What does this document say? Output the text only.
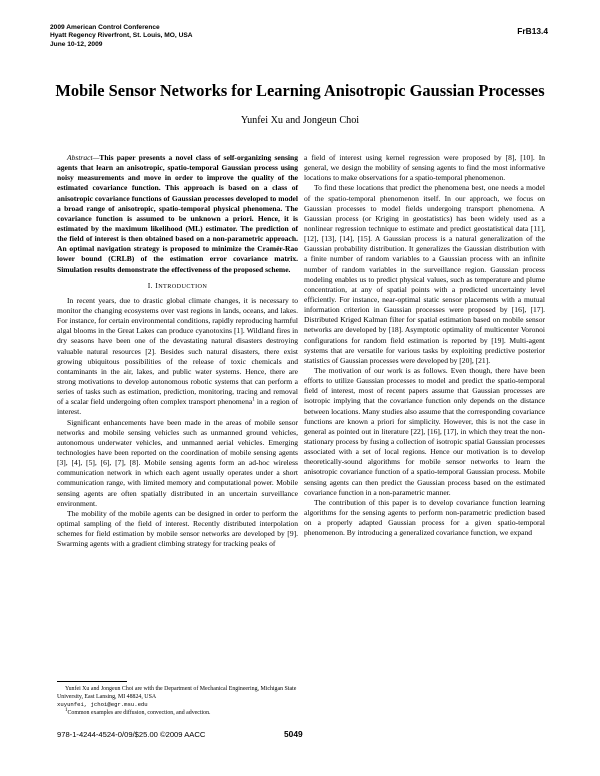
2009 American Control Conference
Hyatt Regency Riverfront, St. Louis, MO, USA
June 10-12, 2009
FrB13.4
Mobile Sensor Networks for Learning Anisotropic Gaussian Processes
Yunfei Xu and Jongeun Choi

Abstract—This paper presents a novel class of self-organizing sensing agents that learn an anisotropic, spatio-temporal Gaussian process using noisy measurements and move in order to improve the quality of the estimated covariance function. This approach is based on a class of anisotropic covariance functions of Gaussian processes developed to model a broad range of anisotropic, spatio-temporal physical phenomena. The covariance function is assumed to be unknown a priori. Hence, it is estimated by the maximum likelihood (ML) estimator. The prediction of the field of interest is then obtained based on a non-parametric approach. An optimal navigation strategy is proposed to minimize the Cramér-Rao lower bound (CRLB) of the estimation error covariance matrix. Simulation results demonstrate the effectiveness of the proposed scheme.

I. INTRODUCTION

In recent years, due to drastic global climate changes, it is necessary to monitor the changing ecosystems over vast regions in lands, oceans, and lakes. For instance, for certain environmental conditions, rapidly reproducing harmful algal blooms in the Great Lakes can produce cyanotoxins [1]. Wildland fires in dry seasons have been one of the devastating natural disasters destroying valuable natural resources [2]. Besides such natural disasters, there exist growing ubiquitous possibilities of the release of toxic chemicals and contaminants in the air, lakes, and public water systems. Hence, there are strong motivations to develop autonomous robotic systems that can perform a series of tasks such as estimation, prediction, monitoring, tracing and removal of a scalar field undergoing often complex transport phenomena$^1$ in a region of interest.

Significant enhancements have been made in the areas of mobile sensor networks and mobile sensing vehicles such as unmanned ground vehicles, autonomous underwater vehicles, and unmanned aerial vehicles. Emerging technologies have been reported on the coordination of mobile sensing agents [3], [4], [5], [6], [7], [8]. Mobile sensing agents form an ad-hoc wireless communication network in which each agent usually operates under a short communication range, with limited memory and computational power. Mobile sensing agents are often spatially distributed in an uncertain surveillance environment.

The mobility of the mobile agents can be designed in order to perform the optimal sampling of the field of interest. Recently distributed interpolation schemes for field estimation by mobile sensor networks are developed by [9]. Swarming agents with a gradient climbing strategy for tracking peaks of

Yunfei Xu and Jongeun Choi are with the Department of Mechanical Engineering, Michigan State University, East Lansing, MI 48824, USA

xuyunfei, jchoi@egr.msu.edu

$^1$Common examples are diffusion, convection, and advection.

a field of interest using kernel regression were proposed by [8], [10]. In general, we design the mobility of sensing agents to find the most informative locations to make observations for a spatio-temporal phenomenon.

To find these locations that predict the phenomena best, one needs a model of the spatio-temporal phenomenon itself. In our approach, we focus on Gaussian processes to model fields undergoing transport phenomena. A Gaussian process (or Kriging in geostatistics) has been widely used as a nonlinear regression technique to estimate and predict geostatistical data [11], [12], [13], [14], [15]. A Gaussian process is a natural generalization of the Gaussian probability distribution. It generalizes the Gaussian distribution with a finite number of random variables to a Gaussian process with an infinite number of random variables in the surveillance region. Gaussian process modeling enables us to predict physical values, such as temperature and plume concentration, at any of spatial points with a predicted uncertainty level efficiently. For instance, near-optimal static sensor placements with a mutual information criterion in Gaussian processes were proposed by [16], [17]. Distributed Kriged Kalman filter for spatial estimation based on mobile sensor networks are developed by [18]. Asymptotic optimality of multicenter Voronoi configurations for random field estimation is reported by [19]. Multi-agent systems that are versatile for various tasks by exploiting predictive posterior statistics of Gaussian processes were developed by [20], [21].

The motivation of our work is as follows. Even though, there have been efforts to utilize Gaussian processes to model and predict the spatio-temporal field of interest, most of recent papers assume that Gaussian processes are isotropic implying that the covariance function only depends on the distance between locations. Many studies also assume that the corresponding covariance functions are known a priori for simplicity. However, this is not the case in general as pointed out in literature [22], [16], [17], in which they treat the non-stationary process by fusing a collection of isotropic spatial Gaussian processes associated with a set of local regions. Hence our motivation is to develop theoretically-sound algorithms for mobile sensor networks to learn the anisotropic covariance function of a spatio-temporal Gaussian process. Mobile sensing agents can then predict the Gaussian process based on the estimated covariance function in a non-parametric manner.

The contribution of this paper is to develop covariance function learning algorithms for the sensing agents to perform non-parametric prediction based on a properly adapted Gaussian process for a given spatio-temporal phenomenon. By introducing a generalized covariance function, we expand

978-1-4244-4524-0/09/$25.00 ©2009 AACC	5049
